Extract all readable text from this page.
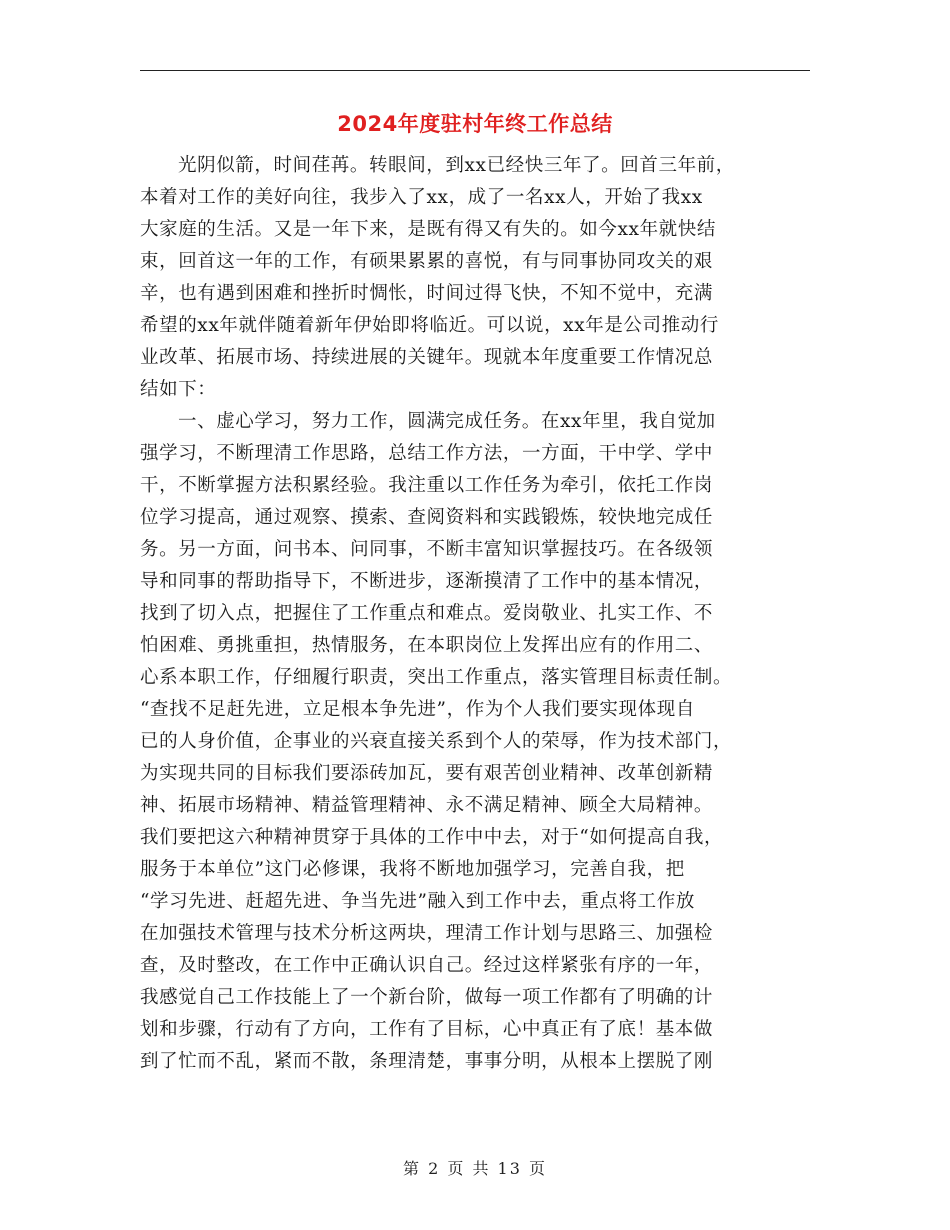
2024年度驻村年终工作总结
光阴似箭，时间荏苒。转眼间，到xx已经快三年了。回首三年前，
本着对工作的美好向往，我步入了xx，成了一名xx人，开始了我xx
大家庭的生活。又是一年下来，是既有得又有失的。如今xx年就快结
束，回首这一年的工作，有硕果累累的喜悦，有与同事协同攻关的艰
辛，也有遇到困难和挫折时惆怅，时间过得飞快，不知不觉中，充满
希望的xx年就伴随着新年伊始即将临近。可以说，xx年是公司推动行
业改革、拓展市场、持续进展的关键年。现就本年度重要工作情况总
结如下：
一、虚心学习，努力工作，圆满完成任务。在xx年里，我自觉加
强学习，不断理清工作思路，总结工作方法，一方面，干中学、学中
干，不断掌握方法积累经验。我注重以工作任务为牵引，依托工作岗
位学习提高，通过观察、摸索、查阅资料和实践锻炼，较快地完成任
务。另一方面，问书本、问同事，不断丰富知识掌握技巧。在各级领
导和同事的帮助指导下，不断进步，逐渐摸清了工作中的基本情况，
找到了切入点，把握住了工作重点和难点。爱岗敬业、扎实工作、不
怕困难、勇挑重担，热情服务，在本职岗位上发挥出应有的作用二、
心系本职工作，仔细履行职责，突出工作重点，落实管理目标责任制。
“查找不足赶先进，立足根本争先进”，作为个人我们要实现体现自
已的人身价值，企事业的兴衰直接关系到个人的荣辱，作为技术部门，
为实现共同的目标我们要添砖加瓦，要有艰苦创业精神、改革创新精
神、拓展市场精神、精益管理精神、永不满足精神、顾全大局精神。
我们要把这六种精神贯穿于具体的工作中中去，对于“如何提高自我，
服务于本单位”这门必修课，我将不断地加强学习，完善自我，把
“学习先进、赶超先进、争当先进”融入到工作中去，重点将工作放
在加强技术管理与技术分析这两块，理清工作计划与思路三、加强检
查，及时整改，在工作中正确认识自己。经过这样紧张有序的一年，
我感觉自己工作技能上了一个新台阶，做每一项工作都有了明确的计
划和步骤，行动有了方向，工作有了目标，心中真正有了底！基本做
到了忙而不乱，紧而不散，条理清楚，事事分明，从根本上摆脱了刚
第 2 页 共 13 页
